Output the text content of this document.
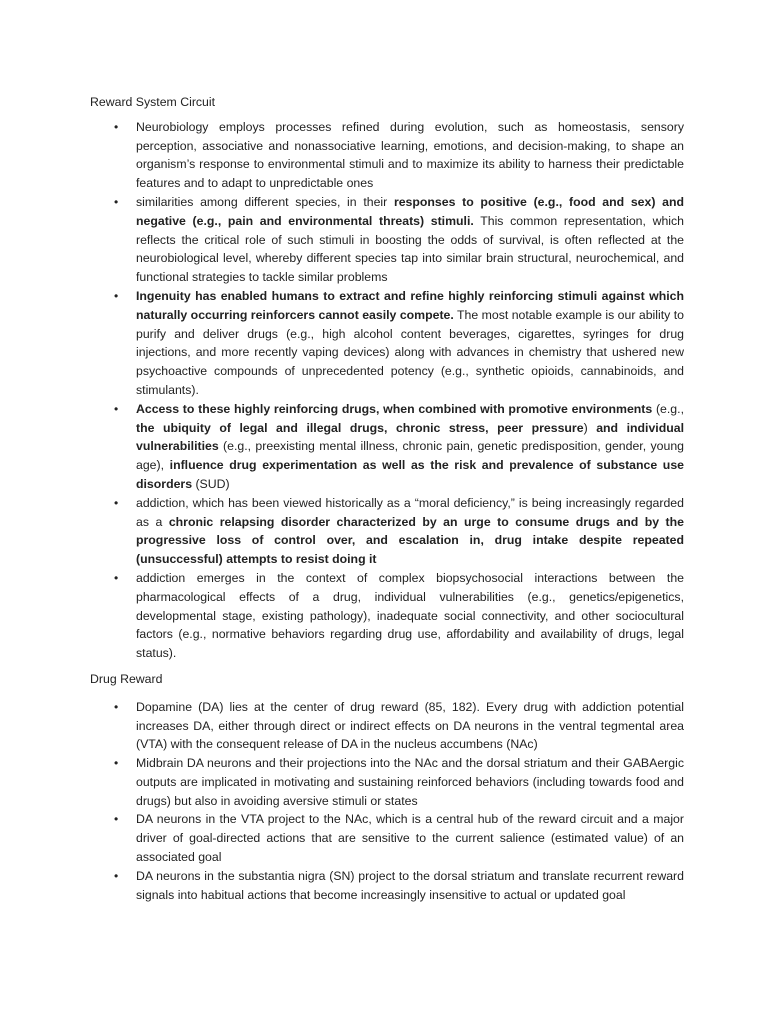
Reward System Circuit
• Neurobiology employs processes refined during evolution, such as homeostasis, sensory perception, associative and nonassociative learning, emotions, and decision-making, to shape an organism’s response to environmental stimuli and to maximize its ability to harness their predictable features and to adapt to unpredictable ones
• similarities among different species, in their responses to positive (e.g., food and sex) and negative (e.g., pain and environmental threats) stimuli. This common representation, which reflects the critical role of such stimuli in boosting the odds of survival, is often reflected at the neurobiological level, whereby different species tap into similar brain structural, neurochemical, and functional strategies to tackle similar problems
• Ingenuity has enabled humans to extract and refine highly reinforcing stimuli against which naturally occurring reinforcers cannot easily compete. The most notable example is our ability to purify and deliver drugs (e.g., high alcohol content beverages, cigarettes, syringes for drug injections, and more recently vaping devices) along with advances in chemistry that ushered new psychoactive compounds of unprecedented potency (e.g., synthetic opioids, cannabinoids, and stimulants).
• Access to these highly reinforcing drugs, when combined with promotive environments (e.g., the ubiquity of legal and illegal drugs, chronic stress, peer pressure) and individual vulnerabilities (e.g., preexisting mental illness, chronic pain, genetic predisposition, gender, young age), influence drug experimentation as well as the risk and prevalence of substance use disorders (SUD)
• addiction, which has been viewed historically as a “moral deficiency,” is being increasingly regarded as a chronic relapsing disorder characterized by an urge to consume drugs and by the progressive loss of control over, and escalation in, drug intake despite repeated (unsuccessful) attempts to resist doing it
• addiction emerges in the context of complex biopsychosocial interactions between the pharmacological effects of a drug, individual vulnerabilities (e.g., genetics/epigenetics, developmental stage, existing pathology), inadequate social connectivity, and other sociocultural factors (e.g., normative behaviors regarding drug use, affordability and availability of drugs, legal status).
Drug Reward
• Dopamine (DA) lies at the center of drug reward (85, 182). Every drug with addiction potential increases DA, either through direct or indirect effects on DA neurons in the ventral tegmental area (VTA) with the consequent release of DA in the nucleus accumbens (NAc)
• Midbrain DA neurons and their projections into the NAc and the dorsal striatum and their GABAergic outputs are implicated in motivating and sustaining reinforced behaviors (including towards food and drugs) but also in avoiding aversive stimuli or states
• DA neurons in the VTA project to the NAc, which is a central hub of the reward circuit and a major driver of goal-directed actions that are sensitive to the current salience (estimated value) of an associated goal
• DA neurons in the substantia nigra (SN) project to the dorsal striatum and translate recurrent reward signals into habitual actions that become increasingly insensitive to actual or updated goal
